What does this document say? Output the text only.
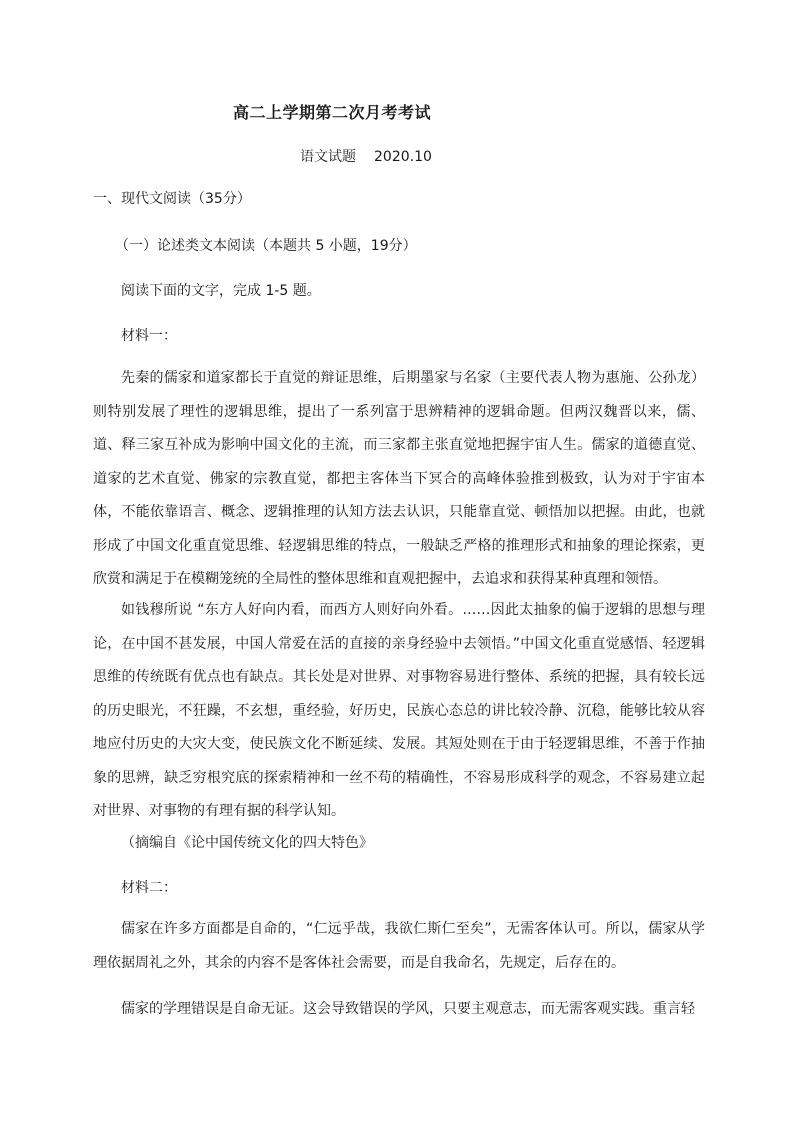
高二上学期第二次月考考试
语文试题 2020.10
一、现代文阅读（35分）
（一）论述类文本阅读（本题共 5 小题，19分）
阅读下面的文字，完成 1-5 题。
材料一：
先秦的儒家和道家都长于直觉的辩证思维，后期墨家与名家（主要代表人物为惠施、公孙龙）则特别发展了理性的逻辑思维，提出了一系列富于思辨精神的逻辑命题。但两汉魏晋以来，儒、道、释三家互补成为影响中国文化的主流，而三家都主张直觉地把握宇宙人生。儒家的道德直觉、道家的艺术直觉、佛家的宗教直觉，都把主客体当下冥合的高峰体验推到极致，认为对于宇宙本体，不能依靠语言、概念、逻辑推理的认知方法去认识，只能靠直觉、顿悟加以把握。由此，也就形成了中国文化重直觉思维、轻逻辑思维的特点，一般缺乏严格的推理形式和抽象的理论探索，更欣赏和满足于在模糊笼统的全局性的整体思维和直观把握中，去追求和获得某种真理和领悟。
如钱穆所说 “东方人好向内看，而西方人则好向外看。……因此太抽象的偏于逻辑的思想与理论，在中国不甚发展，中国人常爱在活的直接的亲身经验中去领悟。”中国文化重直觉感悟、轻逻辑思维的传统既有优点也有缺点。其长处是对世界、对事物容易进行整体、系统的把握，具有较长远的历史眼光，不狂躁，不玄想，重经验，好历史，民族心态总的讲比较冷静、沉稳，能够比较从容地应付历史的大灾大变，使民族文化不断延续、发展。其短处则在于由于轻逻辑思维，不善于作抽象的思辨，缺乏穷根究底的探索精神和一丝不苟的精确性，不容易形成科学的观念，不容易建立起对世界、对事物的有理有据的科学认知。
（摘编自《论中国传统文化的四大特色》
材料二：
儒家在许多方面都是自命的，“仁远乎哉，我欲仁斯仁至矣”，无需客体认可。所以，儒家从学理依据周礼之外，其余的内容不是客体社会需要，而是自我命名，先规定，后存在的。
儒家的学理错误是自命无证。这会导致错误的学风，只要主观意志，而无需客观实践。重言轻
